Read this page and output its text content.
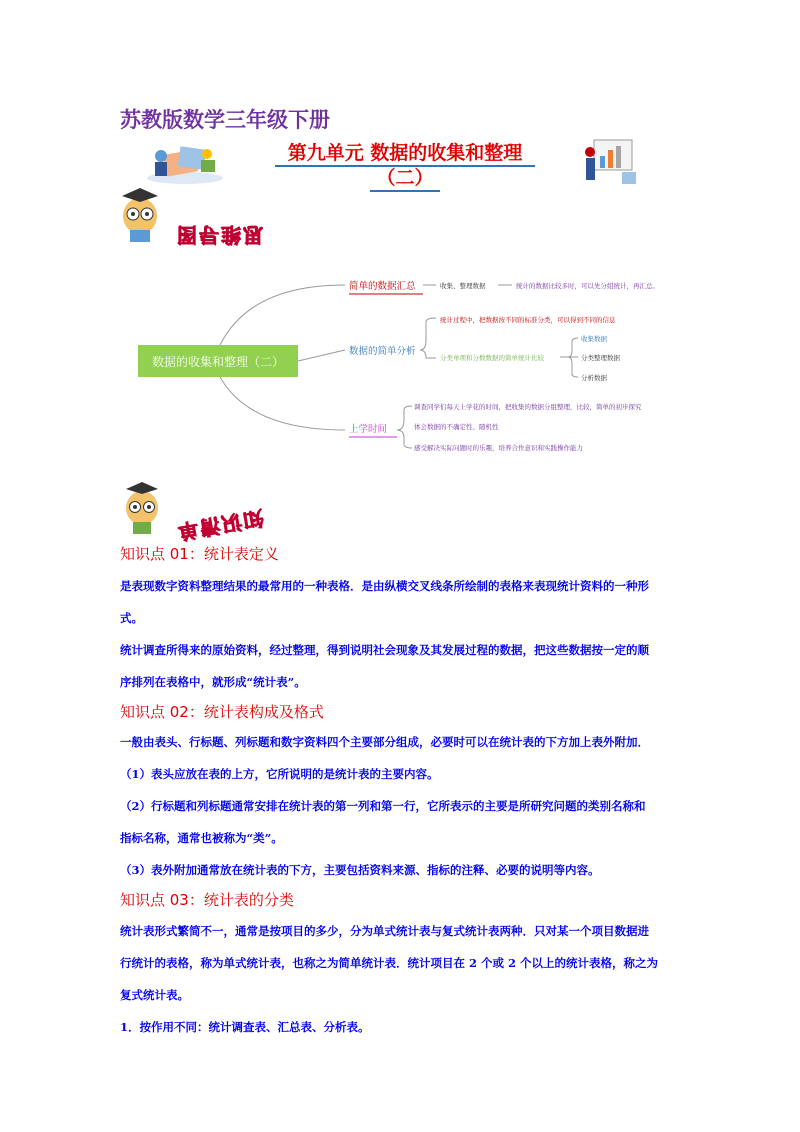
苏教版数学三年级下册
第九单元 数据的收集和整理
（二）
思维导图
数据的收集和整理（二）
简单的数据汇总	收集、整理数据	统计的数据比较多时，可以先分组统计，再汇总。
数据的简单分析
统计过程中，把数据按不同的标准分类，可以得到不同的信息
分类单项和分数数据的简单统计比较
收集数据
分类整理数据
分析数据
上学时间
调查同学们每天上学花的时间，把收集的数据分组整理，比较，简单的初步探究
体会数据的不确定性、随机性
感受解决实际问题时的乐趣，培养合作意识和实践操作能力
知识清单
知识点 01：统计表定义
是表现数字资料整理结果的最常用的一种表格．是由纵横交叉线条所绘制的表格来表现统计资料的一种形
式。
统计调查所得来的原始资料，经过整理，得到说明社会现象及其发展过程的数据，把这些数据按一定的顺
序排列在表格中，就形成“统计表”。
知识点 02：统计表构成及格式
一般由表头、行标题、列标题和数字资料四个主要部分组成，必要时可以在统计表的下方加上表外附加．
（1）表头应放在表的上方，它所说明的是统计表的主要内容。
（2）行标题和列标题通常安排在统计表的第一列和第一行，它所表示的主要是所研究问题的类别名称和
指标名称，通常也被称为“类”。
（3）表外附加通常放在统计表的下方，主要包括资料来源、指标的注释、必要的说明等内容。
知识点 03：统计表的分类
统计表形式繁简不一，通常是按项目的多少，分为单式统计表与复式统计表两种．只对某一个项目数据进
行统计的表格，称为单式统计表，也称之为简单统计表．统计项目在 2 个或 2 个以上的统计表格，称之为
复式统计表。
1．按作用不同：统计调查表、汇总表、分析表。
